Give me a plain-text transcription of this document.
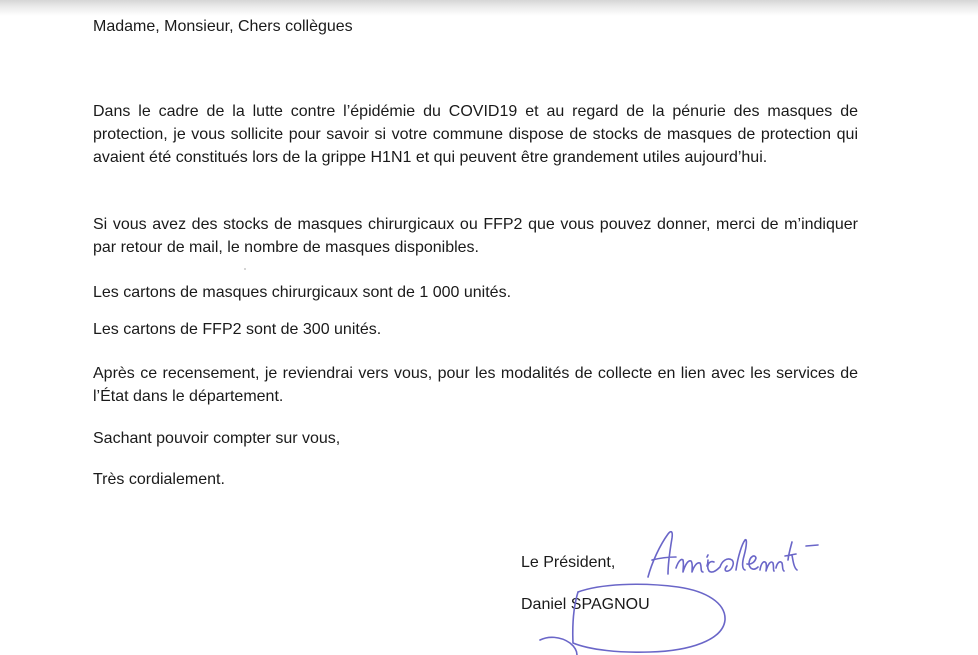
Madame, Monsieur, Chers collègues

Dans le cadre de la lutte contre l’épidémie du COVID19 et au regard de la pénurie des masques de protection, je vous sollicite pour savoir si votre commune dispose de stocks de masques de protection qui avaient été constitués lors de la grippe H1N1 et qui peuvent être grandement utiles aujourd’hui.

Si vous avez des stocks de masques chirurgicaux ou FFP2 que vous pouvez donner, merci de m’indiquer par retour de mail, le nombre de masques disponibles.

Les cartons de masques chirurgicaux sont de 1 000 unités.

Les cartons de FFP2 sont de 300 unités.

Après ce recensement, je reviendrai vers vous, pour les modalités de collecte en lien avec les services de l’État dans le département.

Sachant pouvoir compter sur vous,

Très cordialement.

Le Président,
Daniel SPAGNOU
